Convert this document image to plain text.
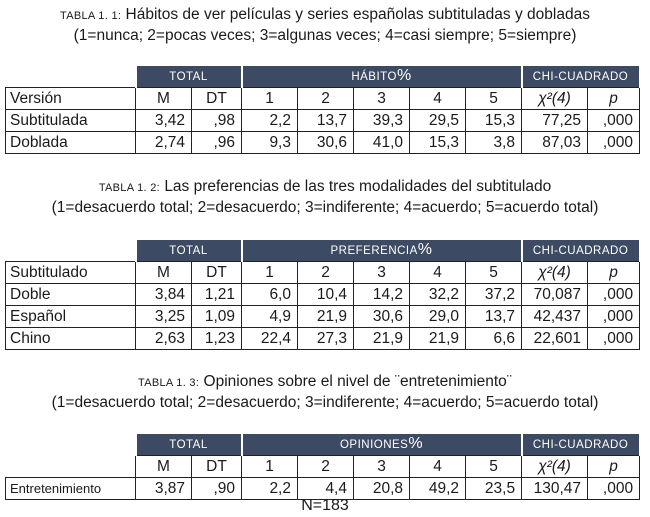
TABLA 1. 1: Hábitos de ver películas y series españolas subtituladas y dobladas
(1=nunca; 2=pocas veces; 3=algunas veces; 4=casi siempre; 5=siempre)
	TOTAL		HÁBITO%					CHI-CUADRADO	
Versión	M	DT	1	2	3	4	5	χ²(4)	p
Subtitulada	3,42	,98	2,2	13,7	39,3	29,5	15,3	77,25	,000
Doblada	2,74	,96	9,3	30,6	41,0	15,3	3,8	87,03	,000
TABLA 1. 2: Las preferencias de las tres modalidades del subtitulado
(1=desacuerdo total; 2=desacuerdo; 3=indiferente; 4=acuerdo; 5=acuerdo total)
	TOTAL		PREFERENCIA%					CHI-CUADRADO	
Subtitulado	M	DT	1	2	3	4	5	χ²(4)	p
Doble	3,84	1,21	6,0	10,4	14,2	32,2	37,2	70,087	,000
Español	3,25	1,09	4,9	21,9	30,6	29,0	13,7	42,437	,000
Chino	2,63	1,23	22,4	27,3	21,9	21,9	6,6	22,601	,000
TABLA 1. 3: Opiniones sobre el nivel de ¨entretenimiento¨
(1=desacuerdo total; 2=desacuerdo; 3=indiferente; 4=acuerdo; 5=acuerdo total)
	TOTAL		OPINIONES%					CHI-CUADRADO	
	M	DT	1	2	3	4	5	χ²(4)	p
Entretenimiento	3,87	,90	2,2	4,4	20,8	49,2	23,5	130,47	,000
N=183
